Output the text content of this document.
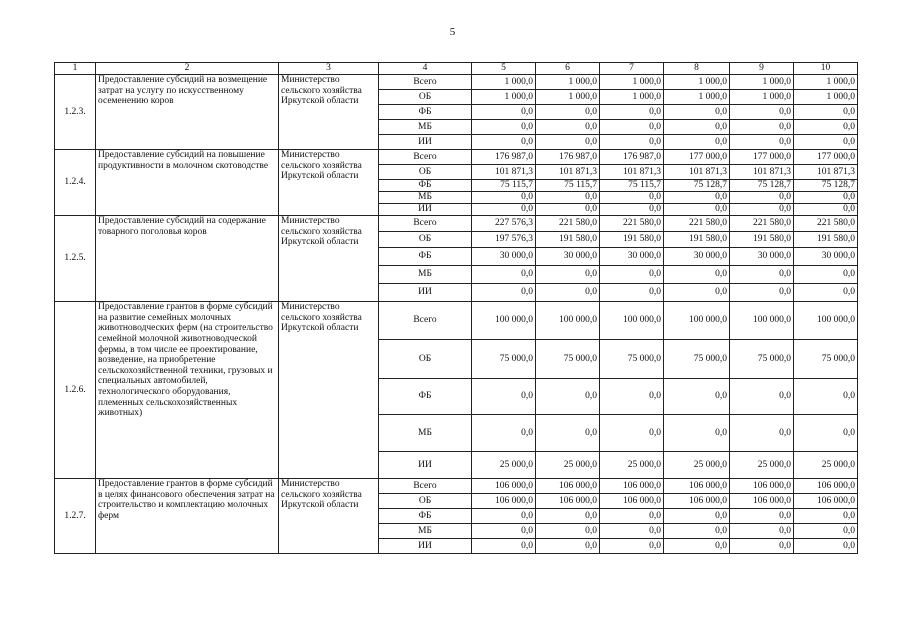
5
1	2	3	4	5	6	7	8	9	10
1.2.3.	Предоставление субсидий на возмещение затрат на услугу по искусственному осеменению коров	Министерство сельского хозяйства Иркутской области	Всего	1 000,0	1 000,0	1 000,0	1 000,0	1 000,0	1 000,0
			ОБ	1 000,0	1 000,0	1 000,0	1 000,0	1 000,0	1 000,0
			ФБ	0,0	0,0	0,0	0,0	0,0	0,0
			МБ	0,0	0,0	0,0	0,0	0,0	0,0
			ИИ	0,0	0,0	0,0	0,0	0,0	0,0
1.2.4.	Предоставление субсидий на повышение продуктивности в молочном скотоводстве	Министерство сельского хозяйства Иркутской области	Всего	176 987,0	176 987,0	176 987,0	177 000,0	177 000,0	177 000,0
			ОБ	101 871,3	101 871,3	101 871,3	101 871,3	101 871,3	101 871,3
			ФБ	75 115,7	75 115,7	75 115,7	75 128,7	75 128,7	75 128,7
			МБ	0,0	0,0	0,0	0,0	0,0	0,0
			ИИ	0,0	0,0	0,0	0,0	0,0	0,0
1.2.5.	Предоставление субсидий на содержание товарного поголовья коров	Министерство сельского хозяйства Иркутской области	Всего	227 576,3	221 580,0	221 580,0	221 580,0	221 580,0	221 580,0
			ОБ	197 576,3	191 580,0	191 580,0	191 580,0	191 580,0	191 580,0
			ФБ	30 000,0	30 000,0	30 000,0	30 000,0	30 000,0	30 000,0
			МБ	0,0	0,0	0,0	0,0	0,0	0,0
			ИИ	0,0	0,0	0,0	0,0	0,0	0,0
1.2.6.	Предоставление грантов в форме субсидий на развитие семейных молочных животноводческих ферм (на строительство семейной молочной животноводческой фермы, в том числе ее проектирование, возведение, на приобретение сельскохозяйственной техники, грузовых и специальных автомобилей, технологического оборудования, племенных сельскохозяйственных животных)	Министерство сельского хозяйства Иркутской области	Всего	100 000,0	100 000,0	100 000,0	100 000,0	100 000,0	100 000,0
			ОБ	75 000,0	75 000,0	75 000,0	75 000,0	75 000,0	75 000,0
			ФБ	0,0	0,0	0,0	0,0	0,0	0,0
			МБ	0,0	0,0	0,0	0,0	0,0	0,0
			ИИ	25 000,0	25 000,0	25 000,0	25 000,0	25 000,0	25 000,0
1.2.7.	Предоставление грантов в форме субсидий в целях финансового обеспечения затрат на строительство и комплектацию молочных ферм	Министерство сельского хозяйства Иркутской области	Всего	106 000,0	106 000,0	106 000,0	106 000,0	106 000,0	106 000,0
			ОБ	106 000,0	106 000,0	106 000,0	106 000,0	106 000,0	106 000,0
			ФБ	0,0	0,0	0,0	0,0	0,0	0,0
			МБ	0,0	0,0	0,0	0,0	0,0	0,0
			ИИ	0,0	0,0	0,0	0,0	0,0	0,0
